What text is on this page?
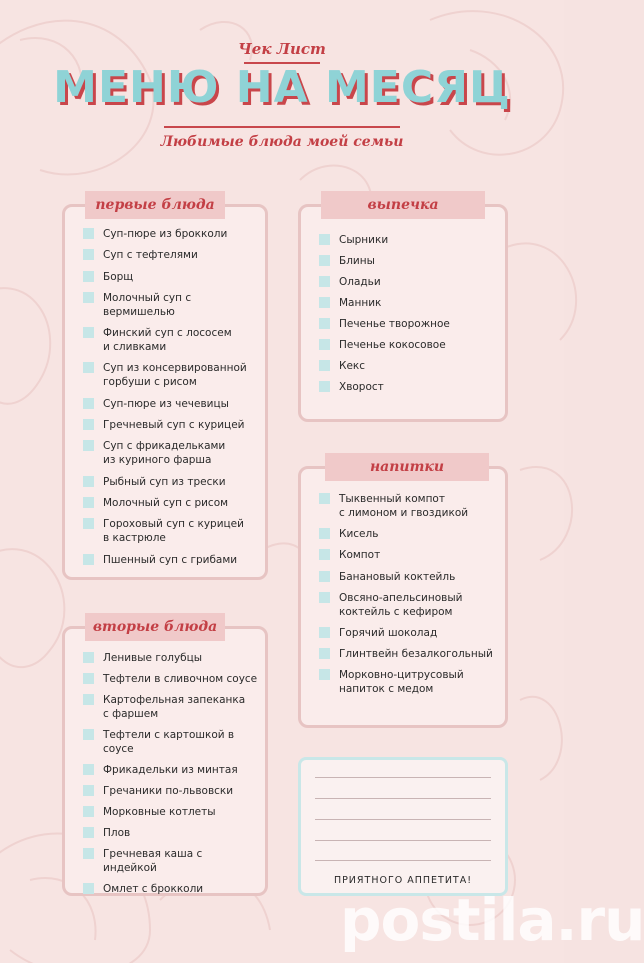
Чек Лист
МЕНЮ НА МЕСЯЦ
Любимые блюда моей семьи
первые блюда
Суп-пюре из брокколи
Суп с тефтелями
Борщ
Молочный суп с вермишелью
Финский суп с лососем
и сливками
Суп из консервированной
горбуши с рисом
Суп-пюре из чечевицы
Гречневый суп с курицей
Суп с фрикадельками
из куриного фарша
Рыбный суп из трески
Молочный суп с рисом
Гороховый суп с курицей
в кастрюле
Пшенный суп с грибами
вторые блюда
Ленивые голубцы
Тефтели в сливочном соусе
Картофельная запеканка
с фаршем
Тефтели с картошкой в соусе
Фрикадельки из минтая
Гречаники по-львовски
Морковные котлеты
Плов
Гречневая каша с индейкой
Омлет с брокколи
выпечка
Сырники
Блины
Оладьи
Манник
Печенье творожное
Печенье кокосовое
Кекс
Хворост
напитки
Тыквенный компот
с лимоном и гвоздикой
Кисель
Компот
Банановый коктейль
Овсяно-апельсиновый
коктейль с кефиром
Горячий шоколад
Глинтвейн безалкогольный
Морковно-цитрусовый
напиток с медом
ПРИЯТНОГО АППЕТИТА!
postila.ru
